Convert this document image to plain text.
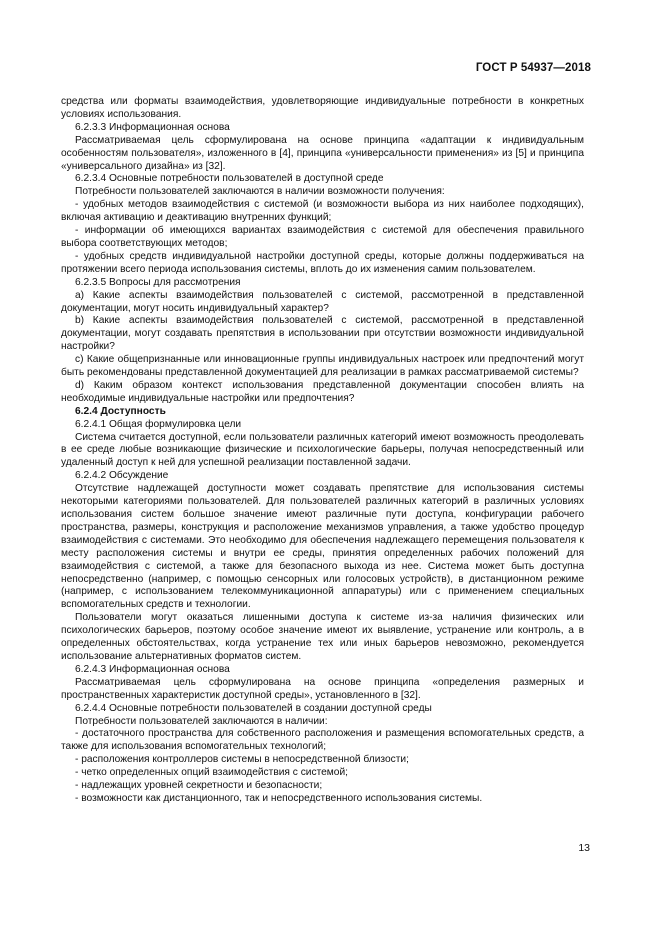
ГОСТ Р 54937—2018

средства или форматы взаимодействия, удовлетворяющие индивидуальные потребности в конкретных условиях использования.

6.2.3.3 Информационная основа

Рассматриваемая цель сформулирована на основе принципа «адаптации к индивидуальным особенностям пользователя», изложенного в [4], принципа «универсальности применения» из [5] и принципа «универсального дизайна» из [32].

6.2.3.4 Основные потребности пользователей в доступной среде

Потребности пользователей заключаются в наличии возможности получения:

- удобных методов взаимодействия с системой (и возможности выбора из них наиболее подходящих), включая активацию и деактивацию внутренних функций;

- информации об имеющихся вариантах взаимодействия с системой для обеспечения правильного выбора соответствующих методов;

- удобных средств индивидуальной настройки доступной среды, которые должны поддерживаться на протяжении всего периода использования системы, вплоть до их изменения самим пользователем.

6.2.3.5 Вопросы для рассмотрения

a) Какие аспекты взаимодействия пользователей с системой, рассмотренной в представленной документации, могут носить индивидуальный характер?

b) Какие аспекты взаимодействия пользователей с системой, рассмотренной в представленной документации, могут создавать препятствия в использовании при отсутствии возможности индивидуальной настройки?

c) Какие общепризнанные или инновационные группы индивидуальных настроек или предпочтений могут быть рекомендованы представленной документацией для реализации в рамках рассматриваемой системы?

d) Каким образом контекст использования представленной документации способен влиять на необходимые индивидуальные настройки или предпочтения?

6.2.4 Доступность

6.2.4.1 Общая формулировка цели

Система считается доступной, если пользователи различных категорий имеют возможность преодолевать в ее среде любые возникающие физические и психологические барьеры, получая непосредственный или удаленный доступ к ней для успешной реализации поставленной задачи.

6.2.4.2 Обсуждение

Отсутствие надлежащей доступности может создавать препятствие для использования системы некоторыми категориями пользователей. Для пользователей различных категорий в различных условиях использования систем большое значение имеют различные пути доступа, конфигурации рабочего пространства, размеры, конструкция и расположение механизмов управления, а также удобство процедур взаимодействия с системами. Это необходимо для обеспечения надлежащего перемещения пользователя к месту расположения системы и внутри ее среды, принятия определенных рабочих положений для взаимодействия с системой, а также для безопасного выхода из нее. Система может быть доступна непосредственно (например, с помощью сенсорных или голосовых устройств), в дистанционном режиме (например, с использованием телекоммуникационной аппаратуры) или с применением специальных вспомогательных средств и технологии.

Пользователи могут оказаться лишенными доступа к системе из-за наличия физических или психологических барьеров, поэтому особое значение имеют их выявление, устранение или контроль, а в определенных обстоятельствах, когда устранение тех или иных барьеров невозможно, рекомендуется использование альтернативных форматов систем.

6.2.4.3 Информационная основа

Рассматриваемая цель сформулирована на основе принципа «определения размерных и пространственных характеристик доступной среды», установленного в [32].

6.2.4.4 Основные потребности пользователей в создании доступной среды

Потребности пользователей заключаются в наличии:

- достаточного пространства для собственного расположения и размещения вспомогательных средств, а также для использования вспомогательных технологий;

- расположения контроллеров системы в непосредственной близости;

- четко определенных опций взаимодействия с системой;

- надлежащих уровней секретности и безопасности;

- возможности как дистанционного, так и непосредственного использования системы.

13
